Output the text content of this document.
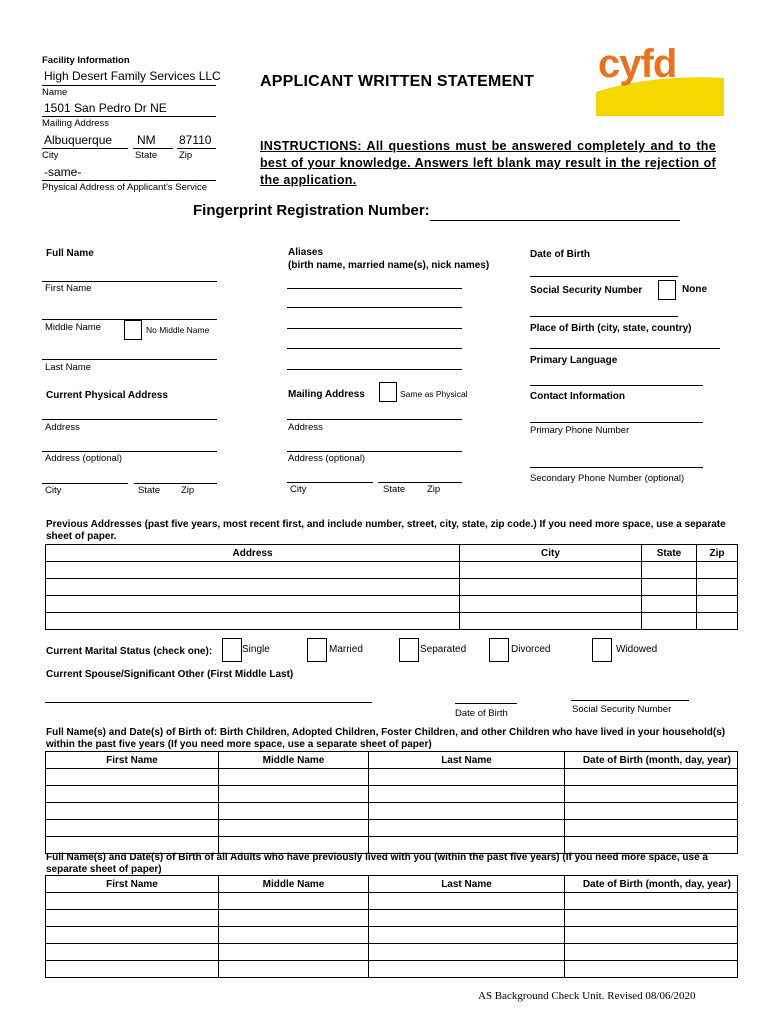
Facility Information
High Desert Family Services LLC
Name
1501 San Pedro Dr NE
Mailing Address
Albuquerque NM 87110
City	State Zip
-same-
Physical Address of Applicant's Service
APPLICANT WRITTEN STATEMENT cyfd
INSTRUCTIONS: All questions must be answered completely and to the best of your knowledge. Answers left blank may result in the rejection of the application.
Fingerprint Registration Number:
Full Name
First Name
Middle Name	No Middle Name
Last Name
Current Physical Address
Address
Address (optional)
City	State Zip
Aliases
(birth name, married name(s), nick names)
Mailing Address	Same as Physical
Address
Address (optional)
City	State Zip
Date of Birth
Social Security Number	None
Place of Birth (city, state, country)
Primary Language
Contact Information
Primary Phone Number
Secondary Phone Number (optional)
Previous Addresses (past five years, most recent first, and include number, street, city, state, zip code.) If you need more space, use a separate sheet of paper.
Address	City	State	Zip

Current Marital Status (check one):	Single	Married	Separated	Divorced	Widowed
Current Spouse/Significant Other (First Middle Last)
Date of Birth	Social Security Number
Full Name(s) and Date(s) of Birth of: Birth Children, Adopted Children, Foster Children, and other Children who have lived in your household(s) within the past five years (If you need more space, use a separate sheet of paper)
First Name	Middle Name	Last Name	Date of Birth (month, day, year)

Full Name(s) and Date(s) of Birth of all Adults who have previously lived with you (within the past five years) (If you need more space, use a separate sheet of paper)
First Name	Middle Name	Last Name	Date of Birth (month, day, year)

AS Background Check Unit. Revised 08/06/2020
